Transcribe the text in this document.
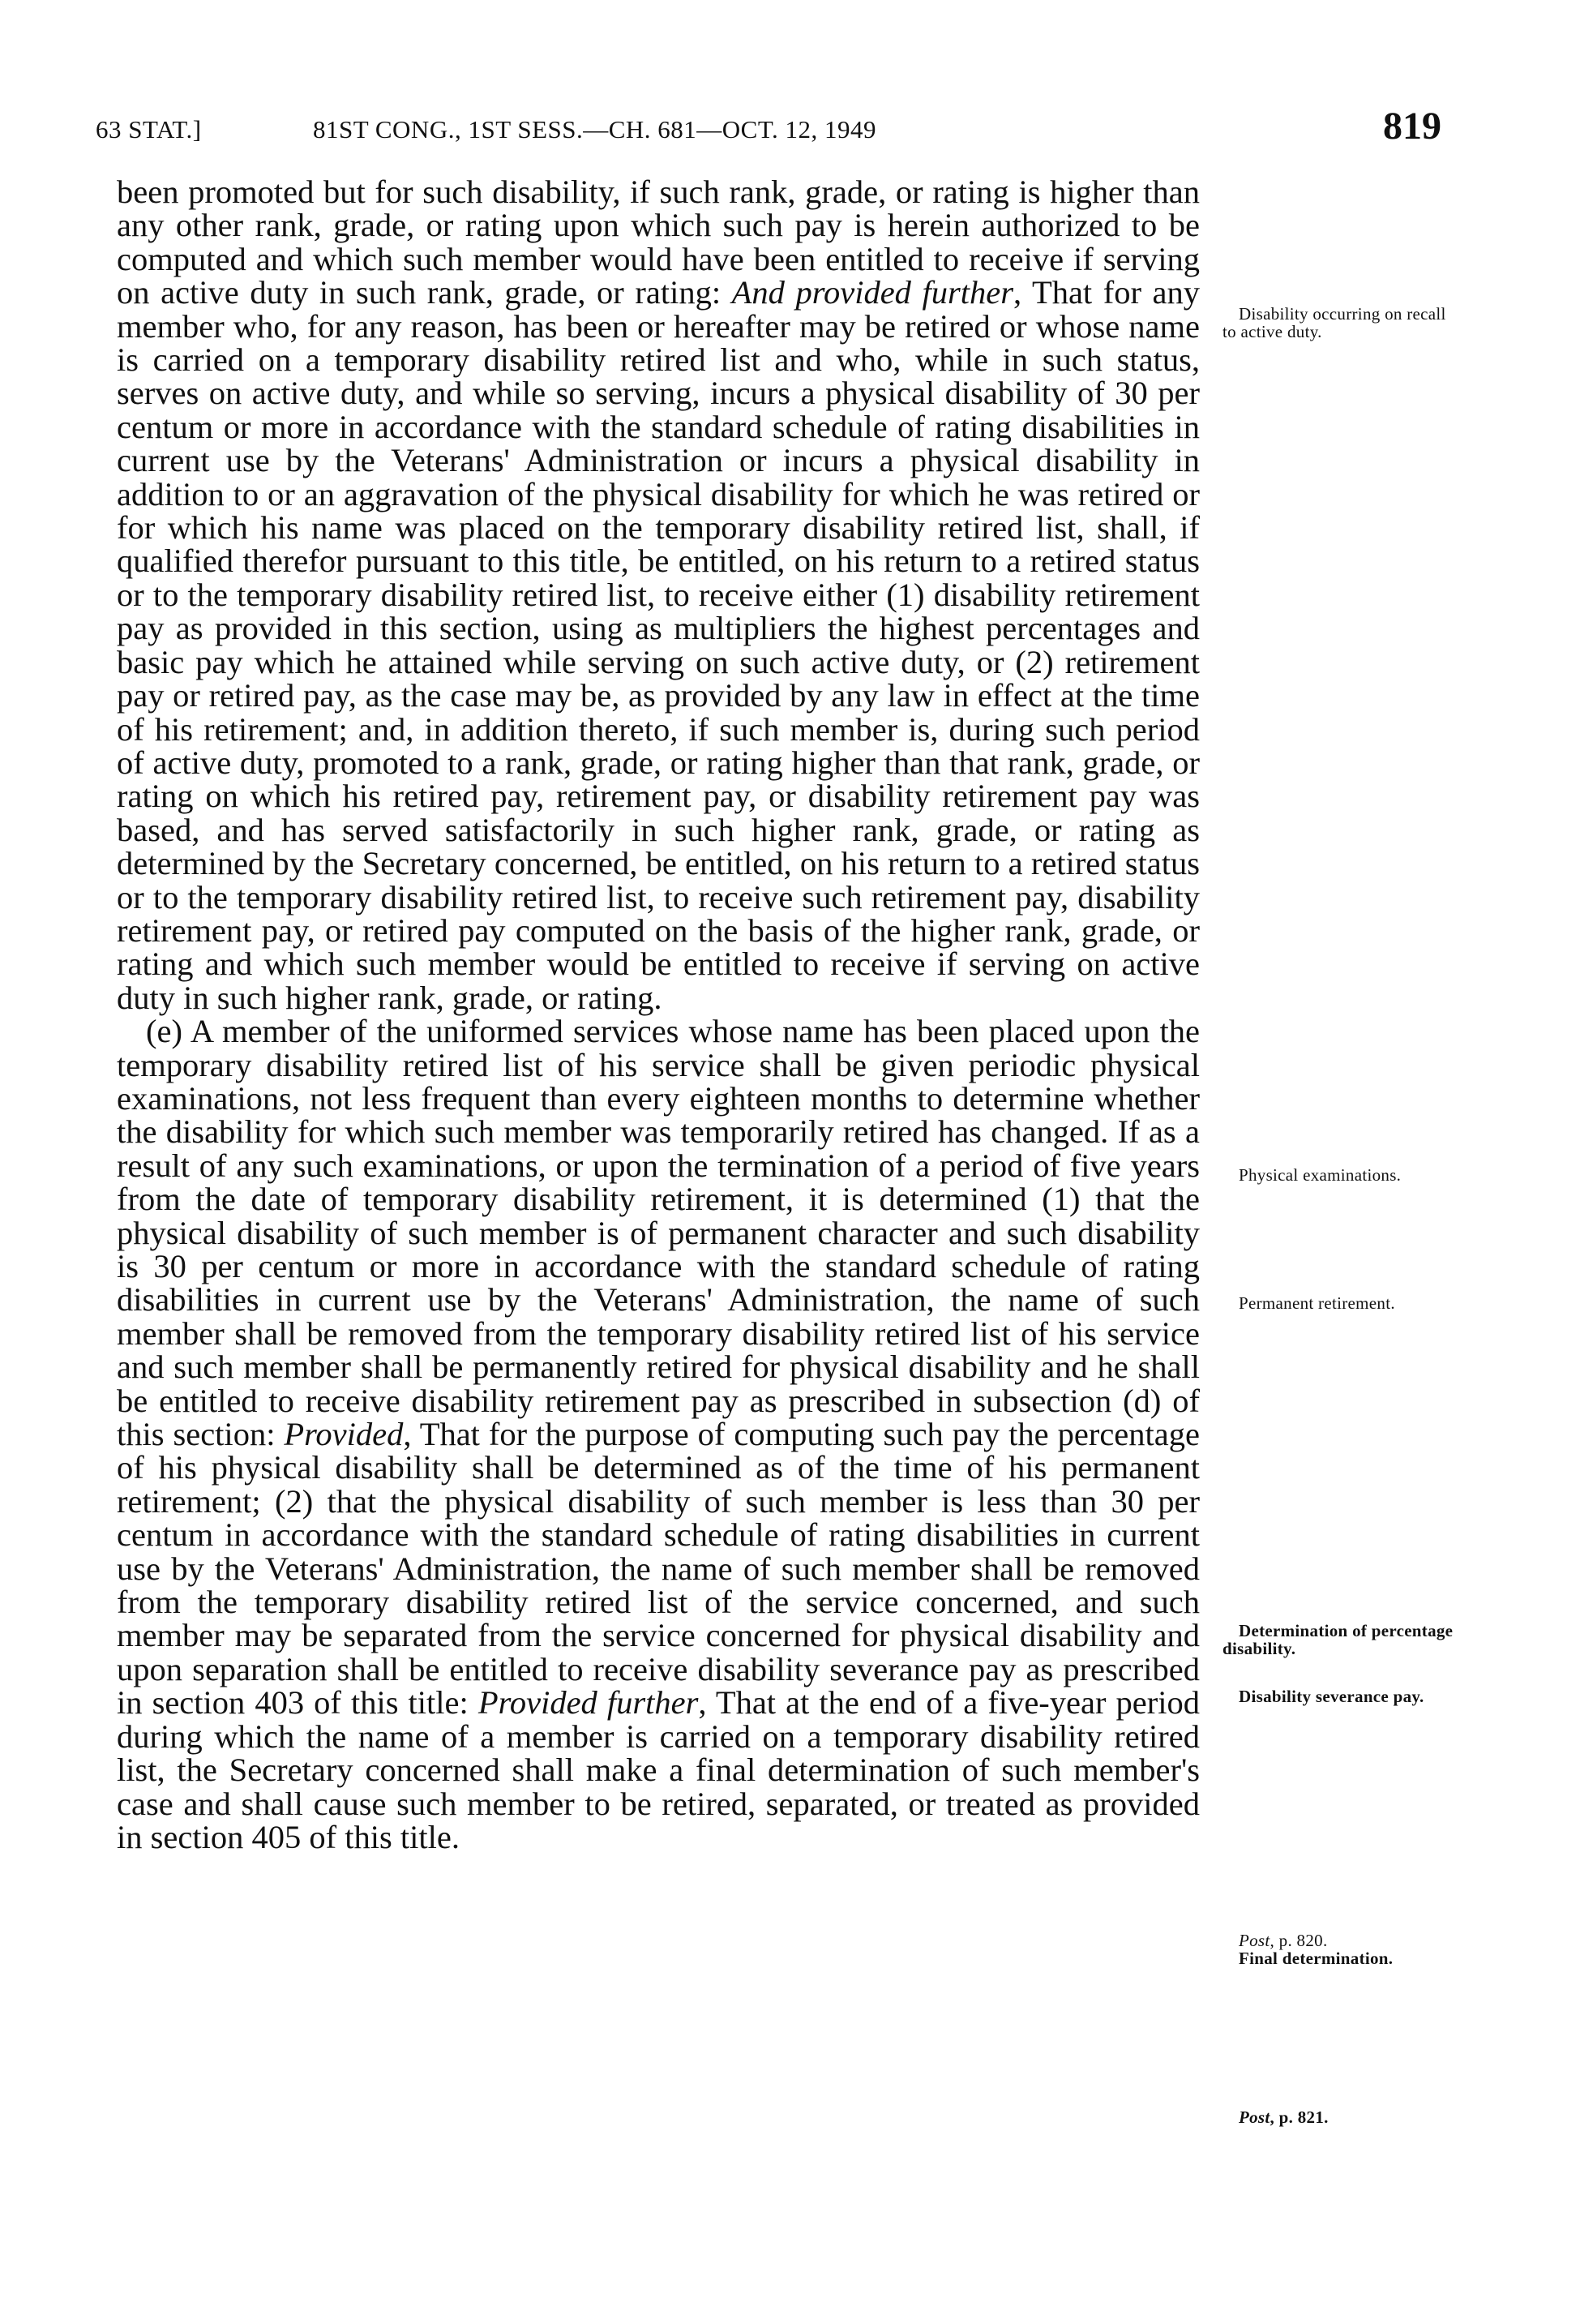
63 STAT.]	81ST CONG., 1ST SESS.—CH. 681—OCT. 12, 1949	819

been promoted but for such disability, if such rank, grade, or rating is higher than any other rank, grade, or rating upon which such pay is herein authorized to be computed and which such member would have been entitled to receive if serving on active duty in such rank, grade, or rating: And provided further, That for any member who, for any reason, has been or hereafter may be retired or whose name is carried on a temporary disability retired list and who, while in such status, serves on active duty, and while so serving, incurs a physical disability of 30 per centum or more in accordance with the standard schedule of rating disabilities in current use by the Veterans' Administration or incurs a physical disability in addition to or an aggravation of the physical disability for which he was retired or for which his name was placed on the temporary disability retired list, shall, if qualified therefor pursuant to this title, be entitled, on his return to a retired status or to the temporary disability retired list, to receive either (1) disability retirement pay as provided in this section, using as multipliers the highest percentages and basic pay which he attained while serving on such active duty, or (2) retirement pay or retired pay, as the case may be, as provided by any law in effect at the time of his retirement; and, in addition thereto, if such member is, during such period of active duty, promoted to a rank, grade, or rating higher than that rank, grade, or rating on which his retired pay, retirement pay, or disability retirement pay was based, and has served satisfactorily in such higher rank, grade, or rating as determined by the Secretary concerned, be entitled, on his return to a retired status or to the temporary disability retired list, to receive such retirement pay, disability retirement pay, or retired pay computed on the basis of the higher rank, grade, or rating and which such member would be entitled to receive if serving on active duty in such higher rank, grade, or rating.

(e) A member of the uniformed services whose name has been placed upon the temporary disability retired list of his service shall be given periodic physical examinations, not less frequent than every eighteen months to determine whether the disability for which such member was temporarily retired has changed. If as a result of any such examinations, or upon the termination of a period of five years from the date of temporary disability retirement, it is determined (1) that the physical disability of such member is of permanent character and such disability is 30 per centum or more in accordance with the standard schedule of rating disabilities in current use by the Veterans' Administration, the name of such member shall be removed from the temporary disability retired list of his service and such member shall be permanently retired for physical disability and he shall be entitled to receive disability retirement pay as prescribed in subsection (d) of this section: Provided, That for the purpose of computing such pay the percentage of his physical disability shall be determined as of the time of his permanent retirement; (2) that the physical disability of such member is less than 30 per centum in accordance with the standard schedule of rating disabilities in current use by the Veterans' Administration, the name of such member shall be removed from the temporary disability retired list of the service concerned, and such member may be separated from the service concerned for physical disability and upon separation shall be entitled to receive disability severance pay as prescribed in section 403 of this title: Provided further, That at the end of a five-year period during which the name of a member is carried on a temporary disability retired list, the Secretary concerned shall make a final determination of such member's case and shall cause such member to be retired, separated, or treated as provided in section 405 of this title.

Disability occurring on recall to active duty.
Physical examinations.
Permanent retirement.
Determination of percentage disability.
Disability severance pay.
Post, p. 820.
Final determination.
Post, p. 821.
